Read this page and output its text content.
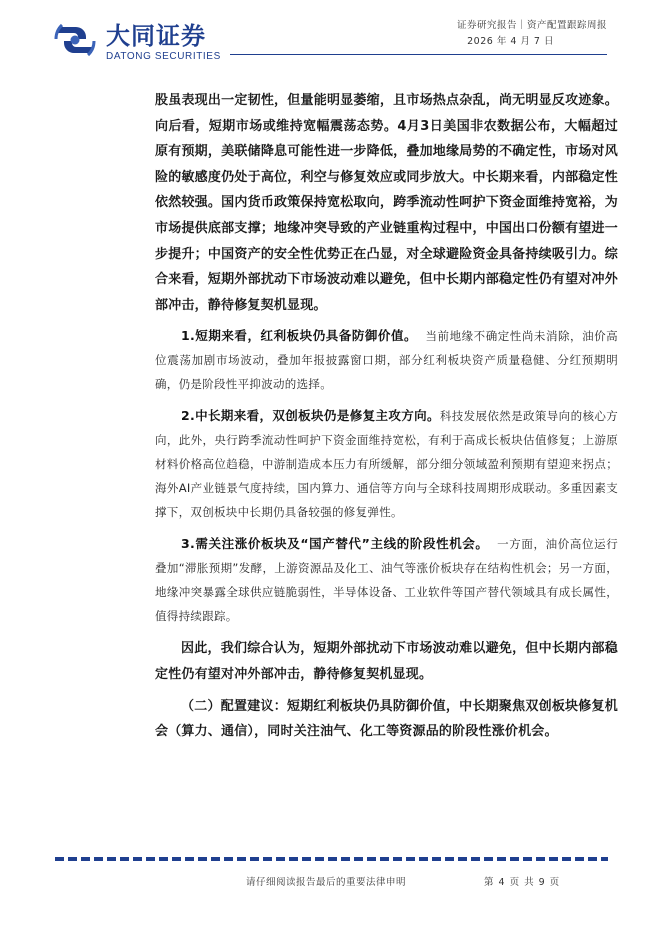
大同证券
DATONG SECURITIES
证券研究报告｜资产配置跟踪周报
2026 年 4 月 7 日

股虽表现出一定韧性，但量能明显萎缩，且市场热点杂乱，尚无明显反攻迹象。向后看，短期市场或维持宽幅震荡态势。4月3日美国非农数据公布，大幅超过原有预期，美联储降息可能性进一步降低，叠加地缘局势的不确定性，市场对风险的敏感度仍处于高位，利空与修复效应或同步放大。中长期来看，内部稳定性依然较强。国内货币政策保持宽松取向，跨季流动性呵护下资金面维持宽裕，为市场提供底部支撑；地缘冲突导致的产业链重构过程中，中国出口份额有望进一步提升；中国资产的安全性优势正在凸显，对全球避险资金具备持续吸引力。综合来看，短期外部扰动下市场波动难以避免，但中长期内部稳定性仍有望对冲外部冲击，静待修复契机显现。

1.短期来看，红利板块仍具备防御价值。 当前地缘不确定性尚未消除，油价高位震荡加剧市场波动，叠加年报披露窗口期，部分红利板块资产质量稳健、分红预期明确，仍是阶段性平抑波动的选择。

2.中长期来看，双创板块仍是修复主攻方向。科技发展依然是政策导向的核心方向，此外，央行跨季流动性呵护下资金面维持宽松，有利于高成长板块估值修复；上游原材料价格高位趋稳，中游制造成本压力有所缓解，部分细分领域盈利预期有望迎来拐点；海外AI产业链景气度持续，国内算力、通信等方向与全球科技周期形成联动。多重因素支撑下，双创板块中长期仍具备较强的修复弹性。

3.需关注涨价板块及“国产替代”主线的阶段性机会。 一方面，油价高位运行叠加“滞胀预期”发酵，上游资源品及化工、油气等涨价板块存在结构性机会；另一方面，地缘冲突暴露全球供应链脆弱性，半导体设备、工业软件等国产替代领域具有成长属性，值得持续跟踪。

因此，我们综合认为，短期外部扰动下市场波动难以避免，但中长期内部稳定性仍有望对冲外部冲击，静待修复契机显现。

（二）配置建议：短期红利板块仍具防御价值，中长期聚焦双创板块修复机会（算力、通信），同时关注油气、化工等资源品的阶段性涨价机会。

请仔细阅读报告最后的重要法律申明	第 4 页 共 9 页
